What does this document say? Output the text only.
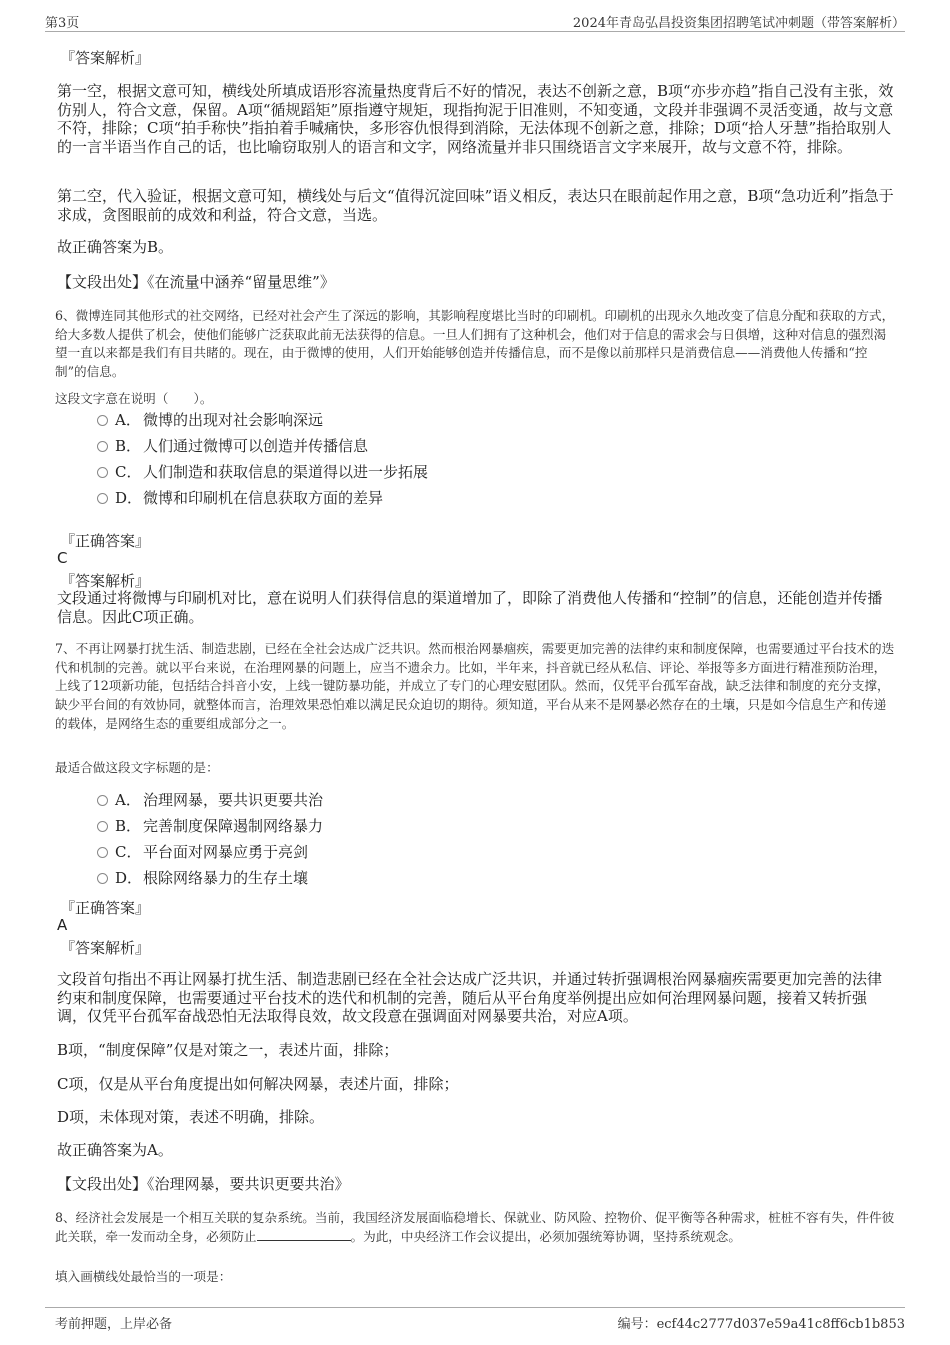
第3页	2024年青岛弘昌投资集团招聘笔试冲刺题（带答案解析）
『答案解析』

第一空，根据文意可知，横线处所填成语形容流量热度背后不好的情况，表达不创新之意，B项“亦步亦趋”指自己没有主张，效仿别人，符合文意，保留。A项“循规蹈矩”原指遵守规矩，现指拘泥于旧准则，不知变通，文段并非强调不灵活变通，故与文意不符，排除；C项“拍手称快”指拍着手喊痛快，多形容仇恨得到消除，无法体现不创新之意，排除；D项“拾人牙慧”指拾取别人的一言半语当作自己的话，也比喻窃取别人的语言和文字，网络流量并非只围绕语言文字来展开，故与文意不符，排除。

第二空，代入验证，根据文意可知，横线处与后文“值得沉淀回味”语义相反，表达只在眼前起作用之意，B项“急功近利”指急于求成，贪图眼前的成效和利益，符合文意，当选。

故正确答案为B。

【文段出处】《在流量中涵养“留量思维”》

6、微博连同其他形式的社交网络，已经对社会产生了深远的影响，其影响程度堪比当时的印刷机。印刷机的出现永久地改变了信息分配和获取的方式，给大多数人提供了机会，使他们能够广泛获取此前无法获得的信息。一旦人们拥有了这种机会，他们对于信息的需求会与日俱增，这种对信息的强烈渴望一直以来都是我们有目共睹的。现在，由于微博的使用，人们开始能够创造并传播信息，而不是像以前那样只是消费信息——消费他人传播和“控制”的信息。

这段文字意在说明（　　）。

A． 微博的出现对社会影响深远
B． 人们通过微博可以创造并传播信息
C． 人们制造和获取信息的渠道得以进一步拓展
D．微博和印刷机在信息获取方面的差异
『正确答案』
C
『答案解析』

文段通过将微博与印刷机对比，意在说明人们获得信息的渠道增加了，即除了消费他人传播和“控制”的信息，还能创造并传播信息。因此C项正确。

7、不再让网暴打扰生活、制造悲剧，已经在全社会达成广泛共识。然而根治网暴痼疾，需要更加完善的法律约束和制度保障，也需要通过平台技术的迭代和机制的完善。就以平台来说，在治理网暴的问题上，应当不遗余力。比如，半年来，抖音就已经从私信、评论、举报等多方面进行精准预防治理，上线了12项新功能，包括结合抖音小安，上线一键防暴功能，并成立了专门的心理安慰团队。然而，仅凭平台孤军奋战，缺乏法律和制度的充分支撑，缺少平台间的有效协同，就整体而言，治理效果恐怕难以满足民众迫切的期待。须知道，平台从来不是网暴必然存在的土壤，只是如今信息生产和传递的载体，是网络生态的重要组成部分之一。

最适合做这段文字标题的是：

A． 治理网暴，要共识更要共治
B． 完善制度保障遏制网络暴力
C． 平台面对网暴应勇于亮剑
D．根除网络暴力的生存土壤
『正确答案』
A
『答案解析』

文段首句指出不再让网暴打扰生活、制造悲剧已经在全社会达成广泛共识，并通过转折强调根治网暴痼疾需要更加完善的法律约束和制度保障，也需要通过平台技术的迭代和机制的完善，随后从平台角度举例提出应如何治理网暴问题，接着又转折强调，仅凭平台孤军奋战恐怕无法取得良效，故文段意在强调面对网暴要共治，对应A项。

B项，“制度保障”仅是对策之一，表述片面，排除；

C项，仅是从平台角度提出如何解决网暴，表述片面，排除；

D项，未体现对策，表述不明确，排除。

故正确答案为A。

【文段出处】《治理网暴，要共识更要共治》

8、经济社会发展是一个相互关联的复杂系统。当前，我国经济发展面临稳增长、保就业、防风险、控物价、促平衡等各种需求，桩桩不容有失，件件彼此关联，牵一发而动全身，必须防止	。为此，中央经济工作会议提出，必须加强统筹协调，坚持系统观念。

填入画横线处最恰当的一项是：

考前押题，上岸必备	编号：ecf44c2777d037e59a41c8ff6cb1b853
